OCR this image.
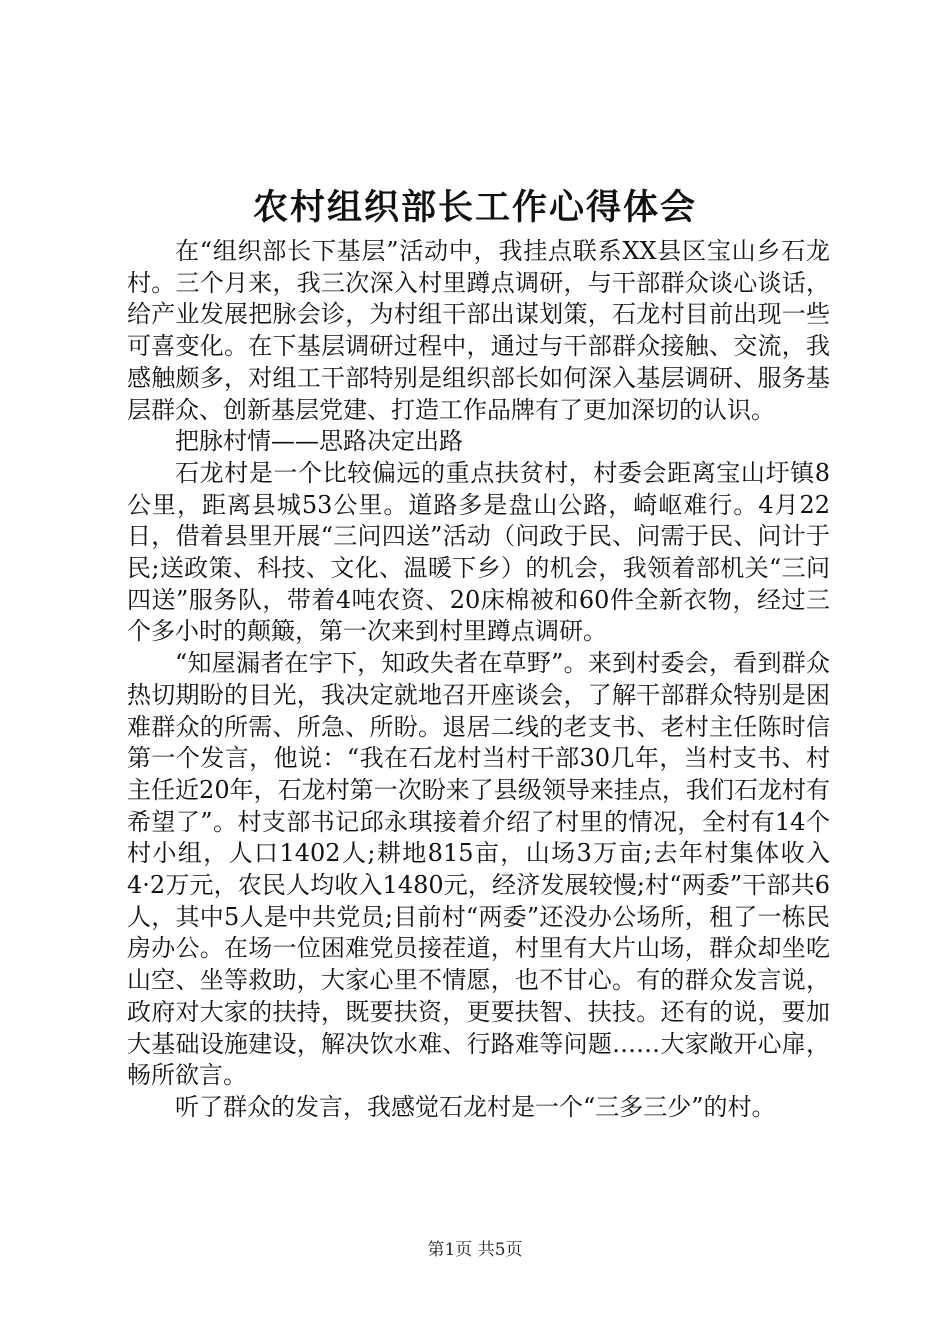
农村组织部长工作心得体会

在“组织部长下基层”活动中，我挂点联系XX县区宝山乡石龙村。三个月来，我三次深入村里蹲点调研，与干部群众谈心谈话，给产业发展把脉会诊，为村组干部出谋划策，石龙村目前出现一些可喜变化。在下基层调研过程中，通过与干部群众接触、交流，我感触颇多，对组工干部特别是组织部长如何深入基层调研、服务基层群众、创新基层党建、打造工作品牌有了更加深切的认识。

把脉村情——思路决定出路

石龙村是一个比较偏远的重点扶贫村，村委会距离宝山圩镇8公里，距离县城53公里。道路多是盘山公路，崎岖难行。4月22日，借着县里开展“三问四送”活动（问政于民、问需于民、问计于民;送政策、科技、文化、温暖下乡）的机会，我领着部机关“三问四送”服务队，带着4吨农资、20床棉被和60件全新衣物，经过三个多小时的颠簸，第一次来到村里蹲点调研。

“知屋漏者在宇下，知政失者在草野”。来到村委会，看到群众热切期盼的目光，我决定就地召开座谈会，了解干部群众特别是困难群众的所需、所急、所盼。退居二线的老支书、老村主任陈时信第一个发言，他说：“我在石龙村当村干部30几年，当村支书、村主任近20年，石龙村第一次盼来了县级领导来挂点，我们石龙村有希望了”。村支部书记邱永琪接着介绍了村里的情况，全村有14个村小组，人口1402人;耕地815亩，山场3万亩;去年村集体收入4·2万元，农民人均收入1480元，经济发展较慢;村“两委”干部共6人，其中5人是中共党员;目前村“两委”还没办公场所，租了一栋民房办公。在场一位困难党员接茬道，村里有大片山场，群众却坐吃山空、坐等救助，大家心里不情愿，也不甘心。有的群众发言说，政府对大家的扶持，既要扶资，更要扶智、扶技。还有的说，要加大基础设施建设，解决饮水难、行路难等问题……大家敞开心扉，畅所欲言。

听了群众的发言，我感觉石龙村是一个“三多三少”的村。

第1页 共5页
